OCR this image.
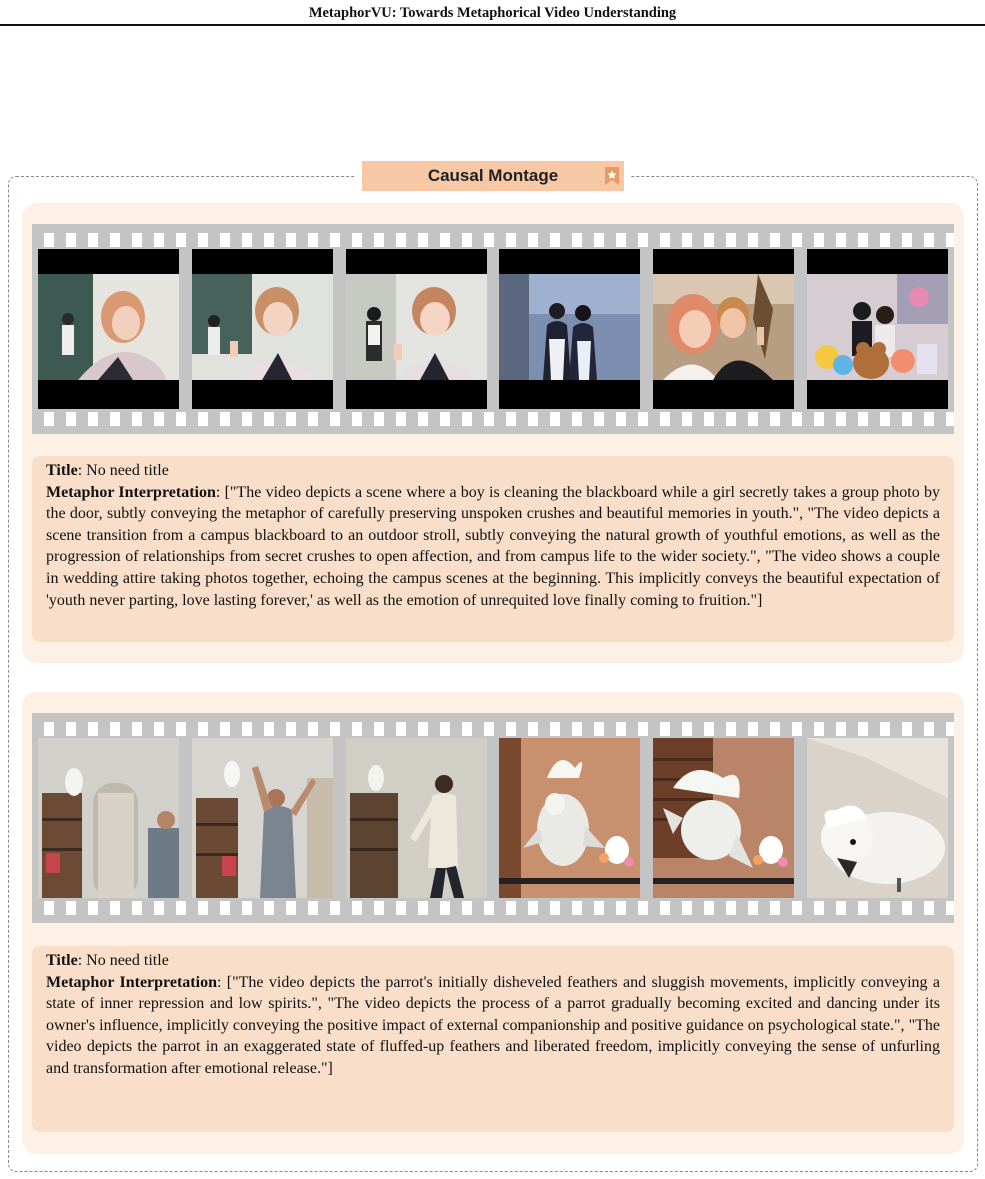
MetaphorVU: Towards Metaphorical Video Understanding
Causal Montage
Title: No need title
Metaphor Interpretation: ["The video depicts a scene where a boy is cleaning the blackboard while a girl secretly takes a group photo by the door, subtly conveying the metaphor of carefully preserving unspoken crushes and beautiful memories in youth.", "The video depicts a scene transition from a campus blackboard to an outdoor stroll, subtly conveying the natural growth of youthful emotions, as well as the progression of relationships from secret crushes to open affection, and from campus life to the wider society.", "The video shows a couple in wedding attire taking photos together, echoing the campus scenes at the beginning. This implicitly conveys the beautiful expectation of 'youth never parting, love lasting forever,' as well as the emotion of unrequited love finally coming to fruition."]
Title: No need title
Metaphor Interpretation: ["The video depicts the parrot's initially disheveled feathers and sluggish movements, implicitly conveying a state of inner repression and low spirits.", "The video depicts the process of a parrot gradually becoming excited and dancing under its owner's influence, implicitly conveying the positive impact of external companionship and positive guidance on psychological state.", "The video depicts the parrot in an exaggerated state of fluffed-up feathers and liberated freedom, implicitly conveying the sense of unfurling and transformation after emotional release."]
